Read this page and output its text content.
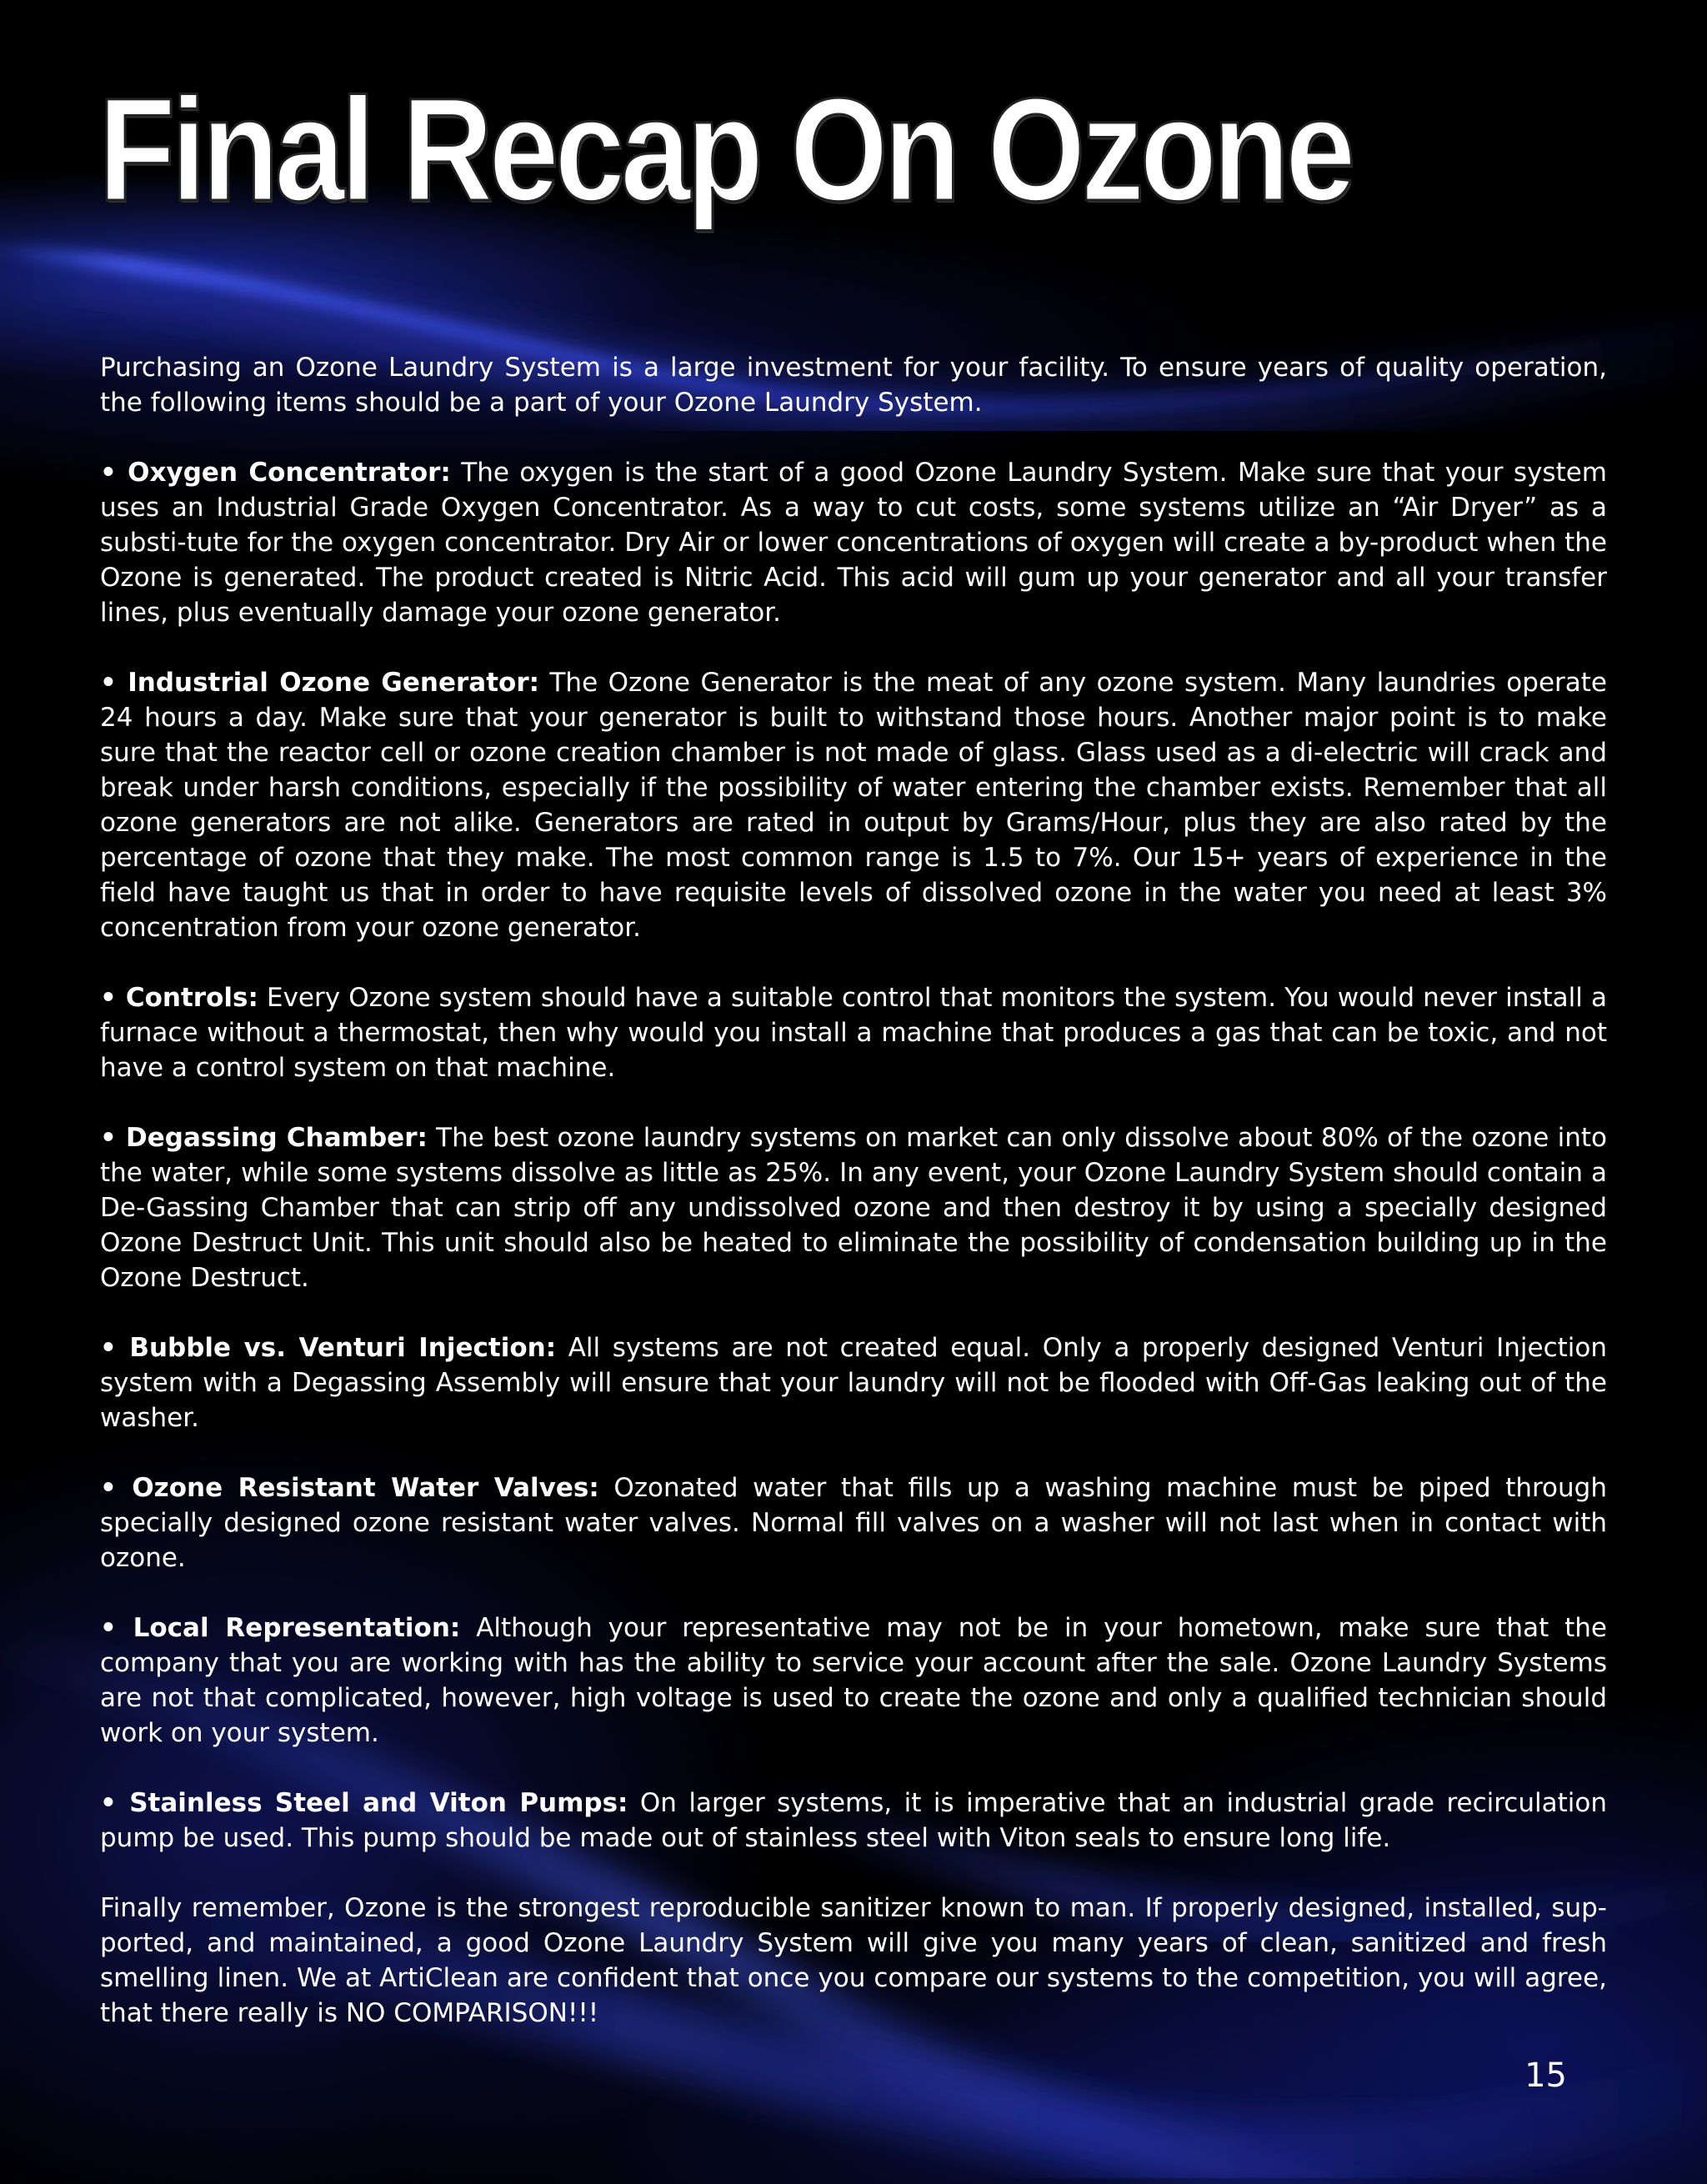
Final Recap On Ozone

Purchasing an Ozone Laundry System is a large investment for your facility. To ensure years of quality operation, the following items should be a part of your Ozone Laundry System.

• Oxygen Concentrator: The oxygen is the start of a good Ozone Laundry System. Make sure that your system uses an Industrial Grade Oxygen Concentrator. As a way to cut costs, some systems utilize an “Air Dryer” as a substi-tute for the oxygen concentrator. Dry Air or lower concentrations of oxygen will create a by-product when the Ozone is generated. The product created is Nitric Acid. This acid will gum up your generator and all your transfer lines, plus eventually damage your ozone generator.

• Industrial Ozone Generator: The Ozone Generator is the meat of any ozone system. Many laundries operate 24 hours a day. Make sure that your generator is built to withstand those hours. Another major point is to make sure that the reactor cell or ozone creation chamber is not made of glass. Glass used as a di-electric will crack and break under harsh conditions, especially if the possibility of water entering the chamber exists. Remember that all ozone generators are not alike. Generators are rated in output by Grams/Hour, plus they are also rated by the percentage of ozone that they make. The most common range is 1.5 to 7%. Our 15+ years of experience in the field have taught us that in order to have requisite levels of dissolved ozone in the water you need at least 3% concentration from your ozone generator.

• Controls: Every Ozone system should have a suitable control that monitors the system. You would never install a furnace without a thermostat, then why would you install a machine that produces a gas that can be toxic, and not have a control system on that machine.

• Degassing Chamber: The best ozone laundry systems on market can only dissolve about 80% of the ozone into the water, while some systems dissolve as little as 25%. In any event, your Ozone Laundry System should contain a De-Gassing Chamber that can strip off any undissolved ozone and then destroy it by using a specially designed Ozone Destruct Unit. This unit should also be heated to eliminate the possibility of condensation building up in the Ozone Destruct.

• Bubble vs. Venturi Injection: All systems are not created equal. Only a properly designed Venturi Injection system with a Degassing Assembly will ensure that your laundry will not be flooded with Off-Gas leaking out of the washer.

• Ozone Resistant Water Valves: Ozonated water that fills up a washing machine must be piped through specially designed ozone resistant water valves. Normal fill valves on a washer will not last when in contact with ozone.

• Local Representation: Although your representative may not be in your hometown, make sure that the company that you are working with has the ability to service your account after the sale. Ozone Laundry Systems are not that complicated, however, high voltage is used to create the ozone and only a qualified technician should work on your system.

• Stainless Steel and Viton Pumps: On larger systems, it is imperative that an industrial grade recirculation pump be used. This pump should be made out of stainless steel with Viton seals to ensure long life.

Finally remember, Ozone is the strongest reproducible sanitizer known to man. If properly designed, installed, sup-ported, and maintained, a good Ozone Laundry System will give you many years of clean, sanitized and fresh smelling linen. We at ArtiClean are confident that once you compare our systems to the competition, you will agree, that there really is NO COMPARISON!!!

15
